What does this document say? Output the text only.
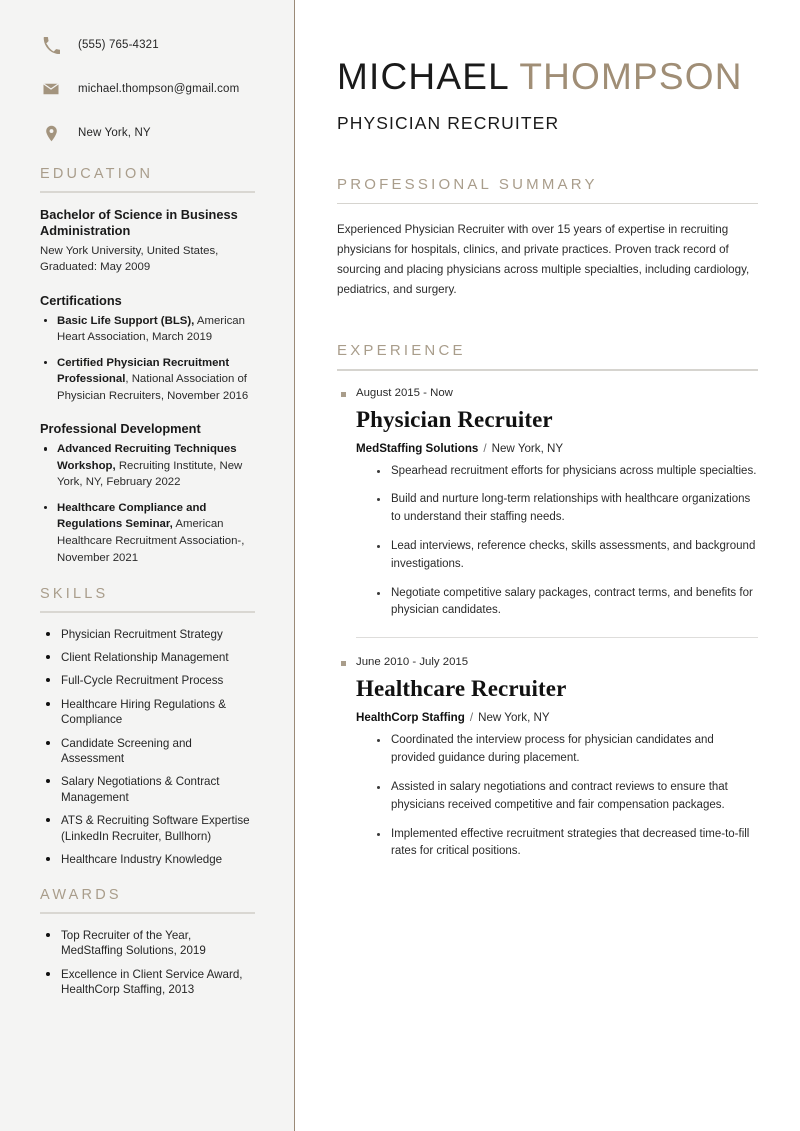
(555) 765-4321
michael.thompson@gmail.com
New York, NY
EDUCATION
Bachelor of Science in Business Administration
New York University, United States, Graduated: May 2009
Certifications
Basic Life Support (BLS), American Heart Association, March 2019
Certified Physician Recruitment Professional, National Association of Physician Recruiters, November 2016
Professional Development
Advanced Recruiting Techniques Workshop, Recruiting Institute, New York, NY, February 2022
Healthcare Compliance and Regulations Seminar, American Healthcare Recruitment Association-, November 2021
SKILLS
Physician Recruitment Strategy
Client Relationship Management
Full-Cycle Recruitment Process
Healthcare Hiring Regulations & Compliance
Candidate Screening and Assessment
Salary Negotiations & Contract Management
ATS & Recruiting Software Expertise (LinkedIn Recruiter, Bullhorn)
Healthcare Industry Knowledge
AWARDS
Top Recruiter of the Year, MedStaffing Solutions, 2019
Excellence in Client Service Award, HealthCorp Staffing, 2013
MICHAEL THOMPSON
PHYSICIAN RECRUITER
PROFESSIONAL SUMMARY

Experienced Physician Recruiter with over 15 years of expertise in recruiting physicians for hospitals, clinics, and private practices. Proven track record of sourcing and placing physicians across multiple specialties, including cardiology, pediatrics, and surgery.

EXPERIENCE
August 2015 - Now
Physician Recruiter
MedStaffing Solutions / New York, NY
Spearhead recruitment efforts for physicians across multiple specialties.
Build and nurture long-term relationships with healthcare organizations to understand their staffing needs.
Lead interviews, reference checks, skills assessments, and background investigations.
Negotiate competitive salary packages, contract terms, and benefits for physician candidates.
June 2010 - July 2015
Healthcare Recruiter
HealthCorp Staffing / New York, NY
Coordinated the interview process for physician candidates and provided guidance during placement.
Assisted in salary negotiations and contract reviews to ensure that physicians received competitive and fair compensation packages.
Implemented effective recruitment strategies that decreased time-to-fill rates for critical positions.
